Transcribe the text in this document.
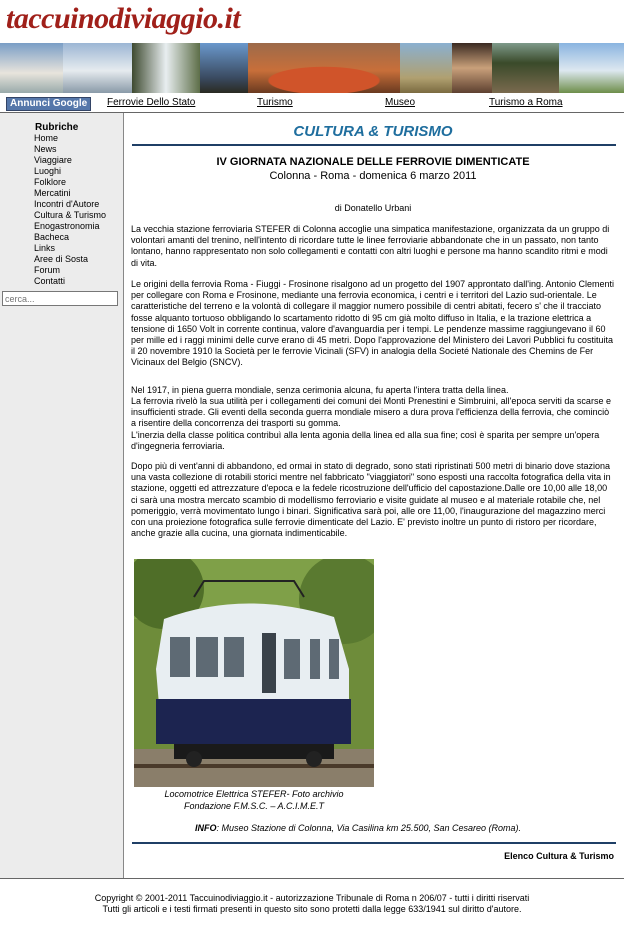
taccuinodiviaggio.it
Annunci Google	Ferrovie Dello Stato	Turismo	Museo	Turismo a Roma
Rubriche
Home
News
Viaggiare
Luoghi
Folklore
Mercatini
Incontri d'Autore
Cultura & Turismo
Enogastronomia
Bacheca
Links
Aree di Sosta
Forum
Contatti
cerca...
CULTURA & TURISMO
IV GIORNATA NAZIONALE DELLE FERROVIE DIMENTICATE
Colonna - Roma - domenica 6 marzo 2011
di Donatello Urbani

La vecchia stazione ferroviaria STEFER di Colonna accoglie una simpatica manifestazione, organizzata da un gruppo di volontari amanti del trenino, nell'intento di ricordare tutte le linee ferroviarie abbandonate che in un passato, non tanto lontano, hanno rappresentato non solo collegamenti e contatti con altri luoghi e persone ma hanno scandito ritmi e modi di vita.

Le origini della ferrovia Roma - Fiuggi - Frosinone risalgono ad un progetto del 1907 approntato dall'ing. Antonio Clementi per collegare con Roma e Frosinone, mediante una ferrovia economica, i centri e i territori del Lazio sud-orientale. Le caratteristiche del terreno e la volontà di collegare il maggior numero possibile di centri abitati, fecero s' che il tracciato fosse alquanto tortuoso obbligando lo scartamento ridotto di 95 cm già molto diffuso in Italia, e la trazione elettrica a tensione di 1650 Volt in corrente continua, valore d'avanguardia per i tempi. Le pendenze massime raggiungevano il 60 per mille ed i raggi minimi delle curve erano di 45 metri. Dopo l'approvazione del Ministero dei Lavori Pubblici fu costituita il 20 novembre 1910 la Società per le ferrovie Vicinali (SFV) in analogia della Societé Nationale des Chemins de Fer Vicinaux del Belgio (SNCV).

Nel 1917, in piena guerra mondiale, senza cerimonia alcuna, fu aperta l'intera tratta della linea.

La ferrovia rivelò la sua utilità per i collegamenti dei comuni dei Monti Prenestini e Simbruini, all'epoca serviti da scarse e insufficienti strade. Gli eventi della seconda guerra mondiale misero a dura prova l'efficienza della ferrovia, che cominciò a risentire della concorrenza dei trasporti su gomma.

L'inerzia della classe politica contribuì alla lenta agonia della linea ed alla sua fine; così è sparita per sempre un'opera d'ingegneria ferroviaria.

Dopo più di vent'anni di abbandono, ed ormai in stato di degrado, sono stati ripristinati 500 metri di binario dove staziona una vasta collezione di rotabili storici mentre nel fabbricato "viaggiatori" sono esposti una raccolta fotografica della vita in stazione, oggetti ed attrezzature d'epoca e la fedele ricostruzione dell'ufficio del capostazione.Dalle ore 10,00 alle 18,00 ci sarà una mostra mercato scambio di modellismo ferroviario e visite guidate al museo e al materiale rotabile che, nel pomeriggio, verrà movimentato lungo i binari. Significativa sarà poi, alle ore 11,00, l'inaugurazione del magazzino merci con una proiezione fotografica sulle ferrovie dimenticate del Lazio. E' previsto inoltre un punto di ristoro per ricordare, anche grazie alla cucina, una giornata indimenticabile.

Locomotrice Elettrica STEFER- Foto archivio
Fondazione F.M.S.C. – A.C.I.M.E.T
INFO: Museo Stazione di Colonna, Via Casilina km 25.500, San Cesareo (Roma).
Elenco Cultura & Turismo
Copyright © 2001-2011 Taccuinodiviaggio.it - autorizzazione Tribunale di Roma n 206/07 - tutti i diritti riservati
Tutti gli articoli e i testi firmati presenti in questo sito sono protetti dalla legge 633/1941 sul diritto d'autore.
